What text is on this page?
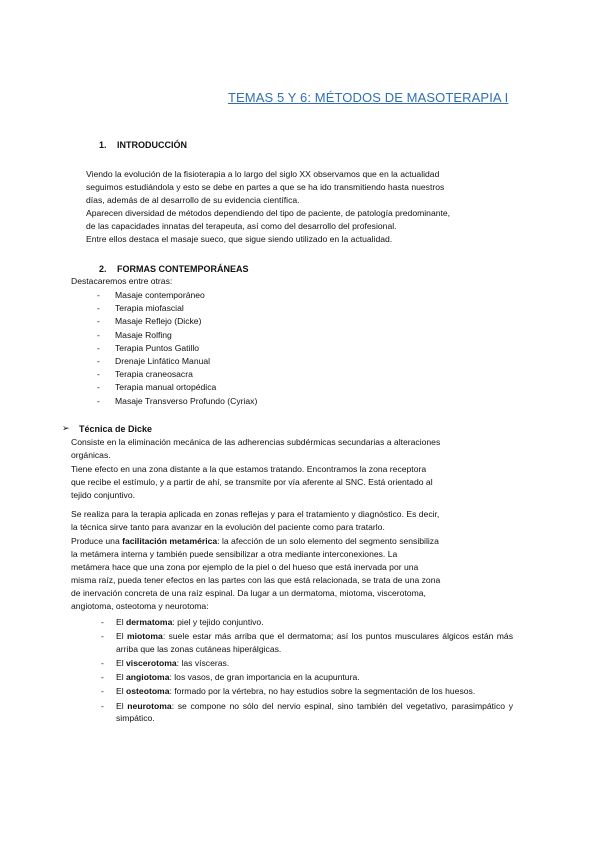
TEMAS 5 Y 6: MÉTODOS DE MASOTERAPIA I
1. INTRODUCCIÓN
Viendo la evolución de la fisioterapia a lo largo del siglo XX observamos que en la actualidad
seguimos estudiándola y esto se debe en partes a que se ha ido transmitiendo hasta nuestros
días, además de al desarrollo de su evidencia científica.
Aparecen diversidad de métodos dependiendo del tipo de paciente, de patología predominante,
de las capacidades innatas del terapeuta, así como del desarrollo del profesional.
Entre ellos destaca el masaje sueco, que sigue siendo utilizado en la actualidad.
2. FORMAS CONTEMPORÁNEAS
Destacaremos entre otras:
- Masaje contemporáneo
- Terapia miofascial
- Masaje Reflejo (Dicke)
- Masaje Rolfing
- Terapia Puntos Gatillo
- Drenaje Linfático Manual
- Terapia craneosacra
- Terapia manual ortopédica
- Masaje Transverso Profundo (Cyriax)
➢ Técnica de Dicke
Consiste en la eliminación mecánica de las adherencias subdérmicas secundarias a alteraciones
orgánicas.
Tiene efecto en una zona distante a la que estamos tratando. Encontramos la zona receptora
que recibe el estímulo, y a partir de ahí, se transmite por vía aferente al SNC. Está orientado al
tejido conjuntivo.
Se realiza para la terapia aplicada en zonas reflejas y para el tratamiento y diagnóstico. Es decir,
la técnica sirve tanto para avanzar en la evolución del paciente como para tratarlo.
Produce una facilitación metamérica: la afección de un solo elemento del segmento sensibiliza
la metámera interna y también puede sensibilizar a otra mediante interconexiones. La
metámera hace que una zona por ejemplo de la piel o del hueso que está inervada por una
misma raíz, pueda tener efectos en las partes con las que está relacionada, se trata de una zona
de inervación concreta de una raíz espinal. Da lugar a un dermatoma, miotoma, viscerotoma,
angiotoma, osteotoma y neurotoma:
- El dermatoma: piel y tejido conjuntivo.
- El miotoma: suele estar más arriba que el dermatoma; así los puntos musculares álgicos están más arriba que las zonas cutáneas hiperálgicas.
- El viscerotoma: las vísceras.
- El angiotoma: los vasos, de gran importancia en la acupuntura.
- El osteotoma: formado por la vértebra, no hay estudios sobre la segmentación de los huesos.
- El neurotoma: se compone no sólo del nervio espinal, sino también del vegetativo, parasimpático y simpático.
